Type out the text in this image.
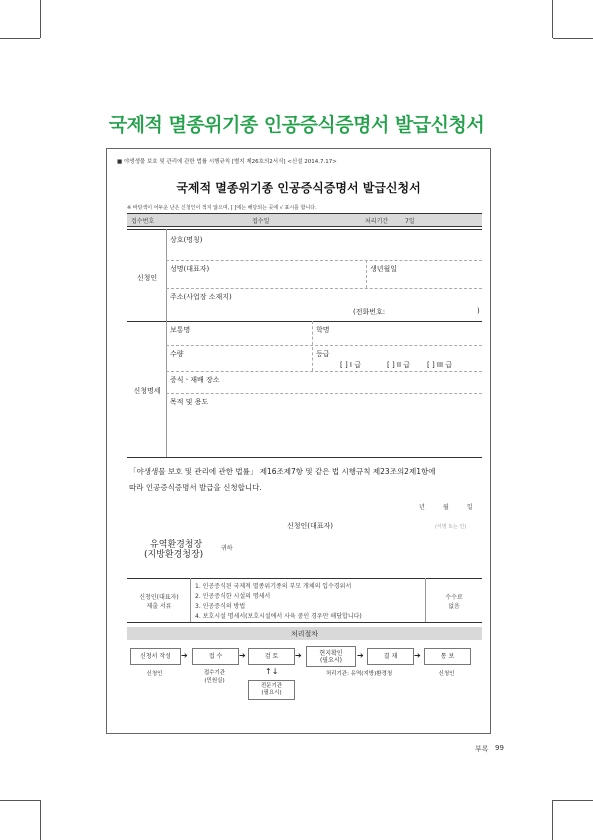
국제적 멸종위기종 인공증식증명서 발급신청서
■ 야생생물 보호 및 관리에 관한 법률 시행규칙 [별지 제26호의2서식] <신설 2014.7.17>
국제적 멸종위기종 인공증식증명서 발급신청서
※ 바탕색이 어두운 난은 신청인이 적지 않으며, [ ]에는 해당되는 곳에 √ 표시를 합니다.
접수번호	접수일	처리기간	7일
신청인
상호(명칭)
성명(대표자)	생년월일
주소(사업장 소재지)
(전화번호:	)
신청명세
보통명	학명
수량	등급
[ ] I 급	[ ] II 급 [ ] III 급
증식ㆍ재배 장소
목적 및 용도
「야생생물 보호 및 관리에 관한 법률」 제16조제7항 및 같은 법 시행규칙 제23조의2제1항에
따라 인공증식증명서 발급을 신청합니다.
년	월	일
신청인(대표자)	(서명 또는 인)
유역환경청장
(지방환경청장)
귀하
신청인(대표자)
제출 서류
1. 인공증식된 국제적 멸종위기종의 부모 개체의 입수경위서
2. 인공증식한 시설의 명세서
3. 인공증식의 방법
4. 보호시설 명세서(보호시설에서 사육 중인 경우만 해당합니다)
수수료
없음
처리절차
신청서 작성 ➔	접 수 ➔	검 토 ➔	현지확인
(필요시) ➔	결 재 ➔	통 보
신청인	접수기관
(민원실)
↑↓	처리기관: 유역(지방)환경청	신청인
전문기관
(필요시)
부록 99
